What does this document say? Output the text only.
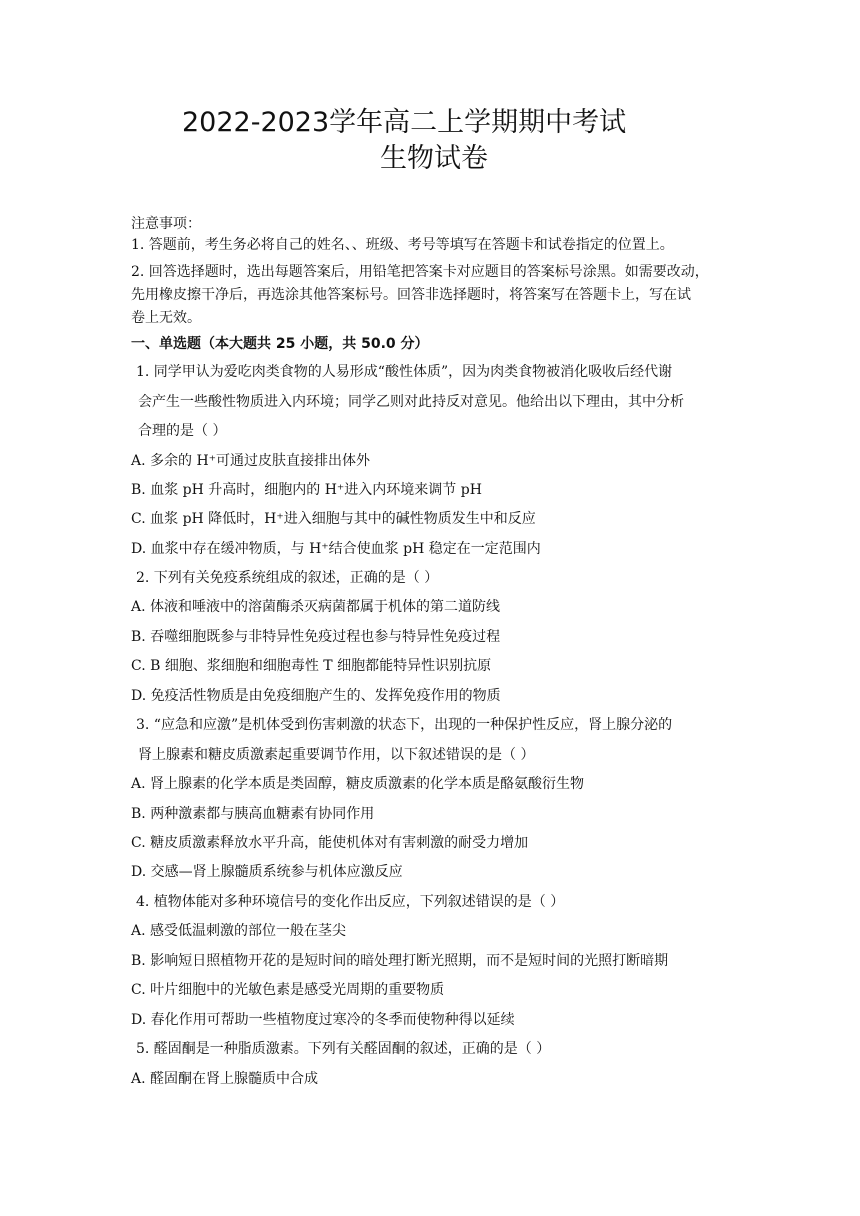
2022-2023学年高二上学期期中考试
生物试卷
注意事项：
1. 答题前，考生务必将自己的姓名、、班级、考号等填写在答题卡和试卷指定的位置上。
2. 回答选择题时，选出每题答案后，用铅笔把答案卡对应题目的答案标号涂黑。如需要改动，
先用橡皮擦干净后，再选涂其他答案标号。回答非选择题时，将答案写在答题卡上，写在试
卷上无效。
一、单选题（本大题共 25 小题，共 50.0 分）
1. 同学甲认为爱吃肉类食物的人易形成“酸性体质”，因为肉类食物被消化吸收后经代谢
会产生一些酸性物质进入内环境；同学乙则对此持反对意见。他给出以下理由，其中分析
合理的是（ ）
A. 多余的 H⁺可通过皮肤直接排出体外
B. 血浆 pH 升高时，细胞内的 H⁺进入内环境来调节 pH
C. 血浆 pH 降低时，H⁺进入细胞与其中的碱性物质发生中和反应
D. 血浆中存在缓冲物质，与 H⁺结合使血浆 pH 稳定在一定范围内
2. 下列有关免疫系统组成的叙述，正确的是（ ）
A. 体液和唾液中的溶菌酶杀灭病菌都属于机体的第二道防线
B. 吞噬细胞既参与非特异性免疫过程也参与特异性免疫过程
C. B 细胞、浆细胞和细胞毒性 T 细胞都能特异性识别抗原
D. 免疫活性物质是由免疫细胞产生的、发挥免疫作用的物质
3. “应急和应激”是机体受到伤害刺激的状态下，出现的一种保护性反应，肾上腺分泌的
肾上腺素和糖皮质激素起重要调节作用，以下叙述错误的是（ ）
A. 肾上腺素的化学本质是类固醇，糖皮质激素的化学本质是酪氨酸衍生物
B. 两种激素都与胰高血糖素有协同作用
C. 糖皮质激素释放水平升高，能使机体对有害刺激的耐受力增加
D. 交感—肾上腺髓质系统参与机体应激反应
4. 植物体能对多种环境信号的变化作出反应，下列叙述错误的是（ ）
A. 感受低温刺激的部位一般在茎尖
B. 影响短日照植物开花的是短时间的暗处理打断光照期，而不是短时间的光照打断暗期
C. 叶片细胞中的光敏色素是感受光周期的重要物质
D. 春化作用可帮助一些植物度过寒冷的冬季而使物种得以延续
5. 醛固酮是一种脂质激素。下列有关醛固酮的叙述，正确的是（ ）
A. 醛固酮在肾上腺髓质中合成
